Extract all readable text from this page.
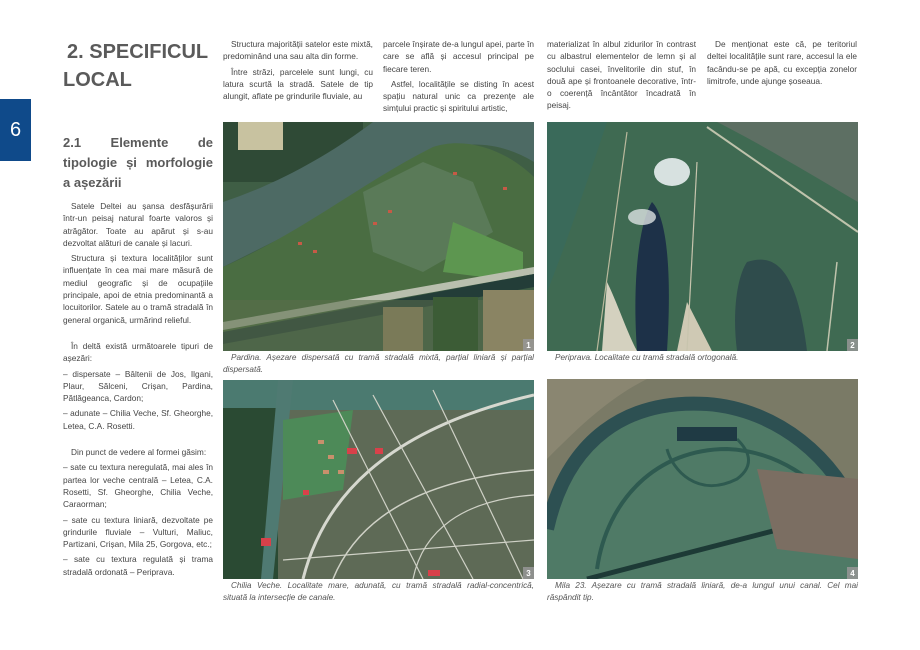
6
2. SPECIFICUL
LOCAL
2.1 Elemente de tipologie și morfologie a așezării

Satele Deltei au șansa desfășurării într-un peisaj natural foarte valoros și atrăgător. Toate au apărut și s-au dezvoltat alături de canale și lacuri.

Structura și textura localităților sunt influențate în cea mai mare măsură de mediul geografic și de ocupațiile principale, apoi de etnia predominantă a locuitorilor. Satele au o tramă stradală în general organică, urmărind relieful.

În deltă există următoarele tipuri de așezări:

– dispersate – Bâltenii de Jos, Ilgani, Plaur, Sălceni, Crișan, Pardina, Pătlăgeanca, Cardon;

– adunate – Chilia Veche, Sf. Gheorghe, Letea, C.A. Rosetti.

Din punct de vedere al formei găsim:

– sate cu textura neregulată, mai ales în partea lor veche centrală – Letea, C.A. Rosetti, Sf. Gheorghe, Chilia Veche, Caraorman;

– sate cu textura liniară, dezvoltate pe grindurile fluviale – Vulturi, Maliuc, Partizani, Crișan, Mila 25, Gorgova, etc.;

– sate cu textura regulată și trama stradală ordonată – Periprava.

Structura majorității satelor este mixtă, predominând una sau alta din forme.

Între străzi, parcelele sunt lungi, cu latura scurtă la stradă. Satele de tip alungit, aflate pe grindurile fluviale, au

parcele înșirate de-a lungul apei, parte în care se află și accesul principal pe fiecare teren.

Astfel, localitățile se disting în acest spațiu natural unic ca prezențe ale simțului practic și spiritului artistic,

materializat în albul zidurilor în contrast cu albastrul elementelor de lemn și al soclului casei, învelitorile din stuf, în două ape și frontoanele decorative, într-o coerență încântător încadrată în peisaj.

De menționat este că, pe teritoriul deltei localitățile sunt rare, accesul la ele facându-se pe apă, cu excepția zonelor limitrofe, unde ajunge șoseaua.

1
Pardina. Așezare dispersată cu tramă stradală mixtă, parțial liniară și parțial dispersată.
2
Periprava. Localitate cu tramă stradală ortogonală.
3
Chilia Veche. Localitate mare, adunată, cu tramă stradală radial-concentrică, situată la intersecție de canale.
4
Mila 23. Așezare cu tramă stradală liniară, de-a lungul unui canal. Cel mai răspândit tip.
